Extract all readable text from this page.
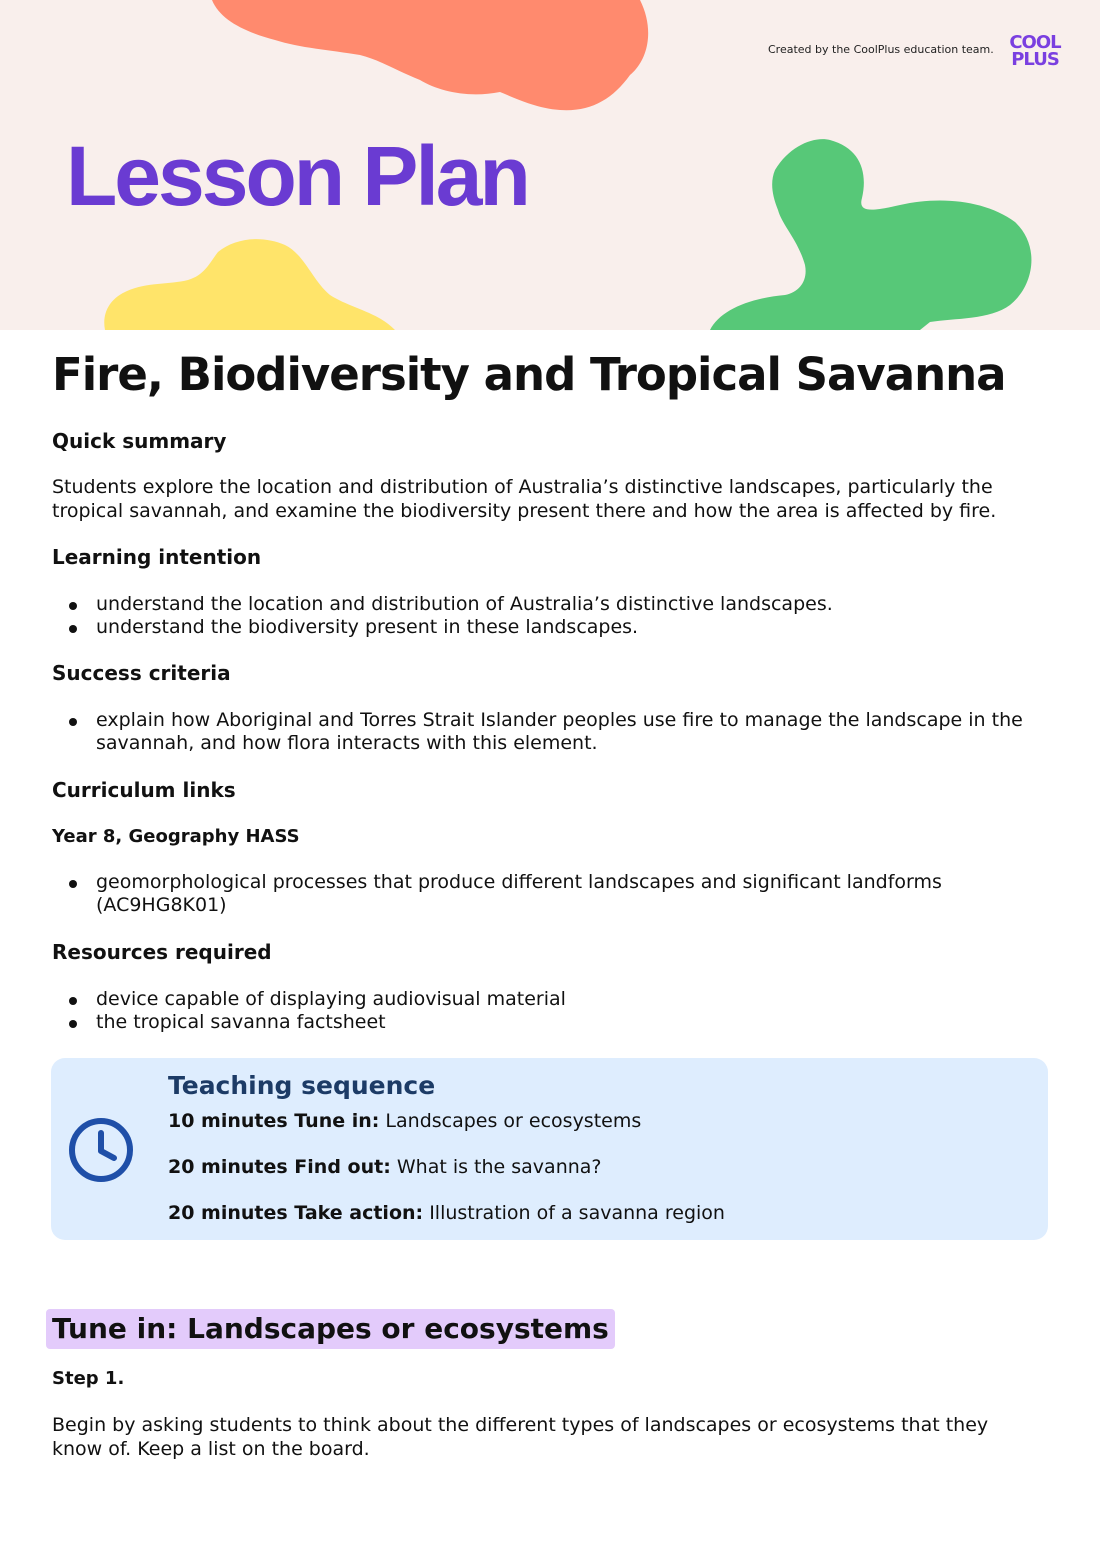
Created by the CoolPlus education team. COOL
PLUS
Lesson Plan
Fire, Biodiversity and Tropical Savanna
Quick summary
Students explore the location and distribution of Australia’s distinctive landscapes, particularly the tropical savannah, and examine the biodiversity present there and how the area is affected by fire.
Learning intention
understand the location and distribution of Australia’s distinctive landscapes.
understand the biodiversity present in these landscapes.
Success criteria
explain how Aboriginal and Torres Strait Islander peoples use fire to manage the landscape in the savannah, and how flora interacts with this element.
Curriculum links
Year 8, Geography HASS
geomorphological processes that produce different landscapes and significant landforms (AC9HG8K01)
Resources required
device capable of displaying audiovisual material
the tropical savanna factsheet
Teaching sequence
10 minutes Tune in: Landscapes or ecosystems
20 minutes Find out: What is the savanna?
20 minutes Take action: Illustration of a savanna region
Tune in: Landscapes or ecosystems
Step 1.
Begin by asking students to think about the different types of landscapes or ecosystems that they know of. Keep a list on the board.
